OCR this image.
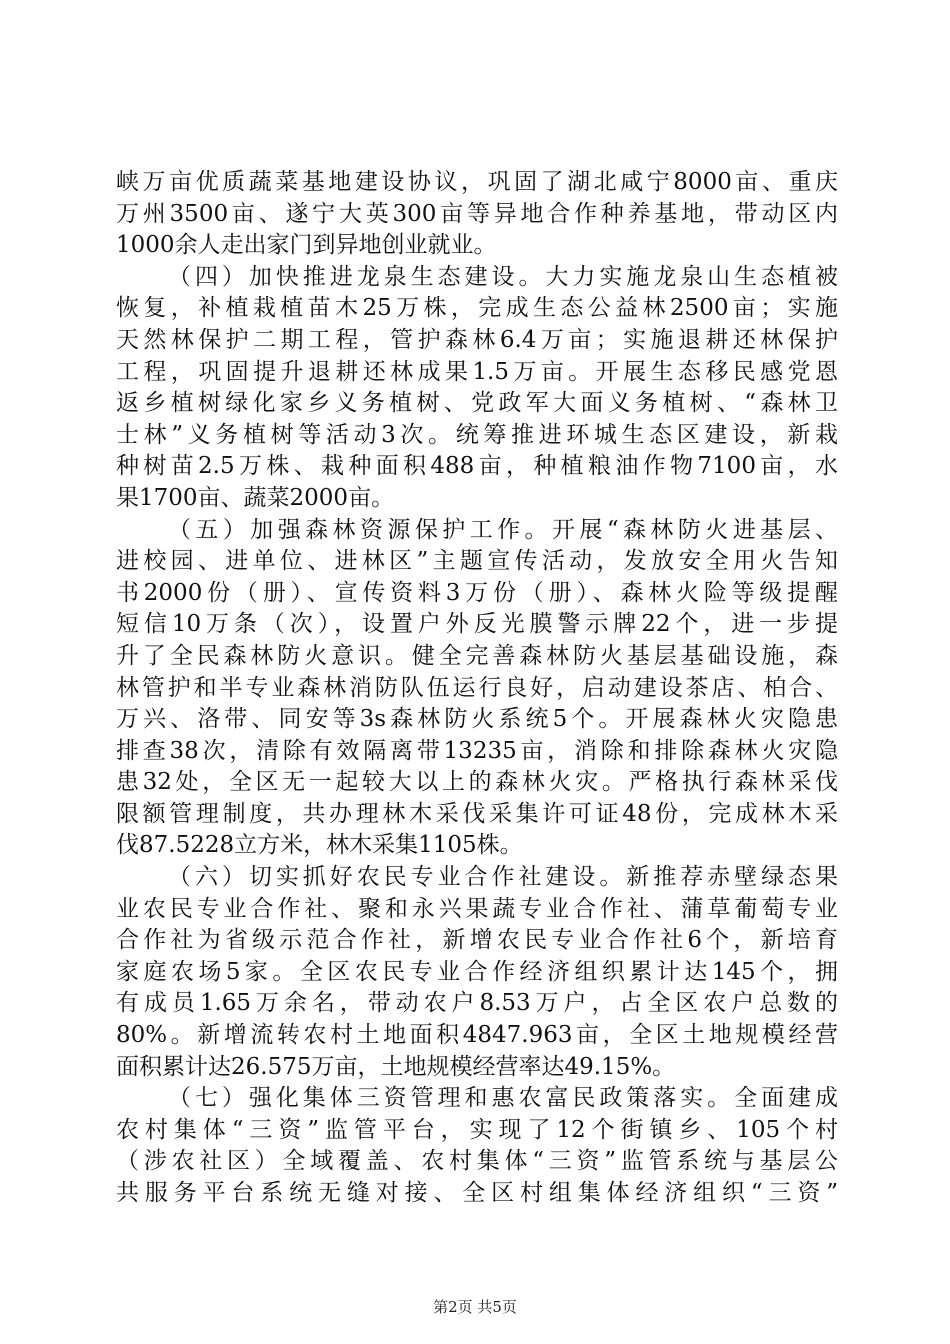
峡万亩优质蔬菜基地建设协议，巩固了湖北咸宁8000亩、重庆
万州3500亩、遂宁大英300亩等异地合作种养基地，带动区内
1000余人走出家门到异地创业就业。
（四）加快推进龙泉生态建设。大力实施龙泉山生态植被
恢复，补植栽植苗木25万株，完成生态公益林2500亩；实施
天然林保护二期工程，管护森林6.4万亩；实施退耕还林保护
工程，巩固提升退耕还林成果1.5万亩。开展生态移民感党恩
返乡植树绿化家乡义务植树、党政军大面义务植树、“森林卫
士林”义务植树等活动3次。统筹推进环城生态区建设，新栽
种树苗2.5万株、栽种面积488亩，种植粮油作物7100亩，水
果1700亩、蔬菜2000亩。
（五）加强森林资源保护工作。开展“森林防火进基层、
进校园、进单位、进林区”主题宣传活动，发放安全用火告知
书2000份（册）、宣传资料3万份（册）、森林火险等级提醒
短信10万条（次），设置户外反光膜警示牌22个，进一步提
升了全民森林防火意识。健全完善森林防火基层基础设施，森
林管护和半专业森林消防队伍运行良好，启动建设茶店、柏合、
万兴、洛带、同安等3s森林防火系统5个。开展森林火灾隐患
排查38次，清除有效隔离带13235亩，消除和排除森林火灾隐
患32处，全区无一起较大以上的森林火灾。严格执行森林采伐
限额管理制度，共办理林木采伐采集许可证48份，完成林木采
伐87.5228立方米，林木采集1105株。
（六）切实抓好农民专业合作社建设。新推荐赤壁绿态果
业农民专业合作社、聚和永兴果蔬专业合作社、蒲草葡萄专业
合作社为省级示范合作社，新增农民专业合作社6个，新培育
家庭农场5家。全区农民专业合作经济组织累计达145个，拥
有成员1.65万余名，带动农户8.53万户，占全区农户总数的
80%。新增流转农村土地面积4847.963亩，全区土地规模经营
面积累计达26.575万亩，土地规模经营率达49.15%。
（七）强化集体三资管理和惠农富民政策落实。全面建成
农村集体“三资”监管平台，实现了12个街镇乡、105个村
（涉农社区）全域覆盖、农村集体“三资”监管系统与基层公
共服务平台系统无缝对接、全区村组集体经济组织“三资”
第2页 共5页
